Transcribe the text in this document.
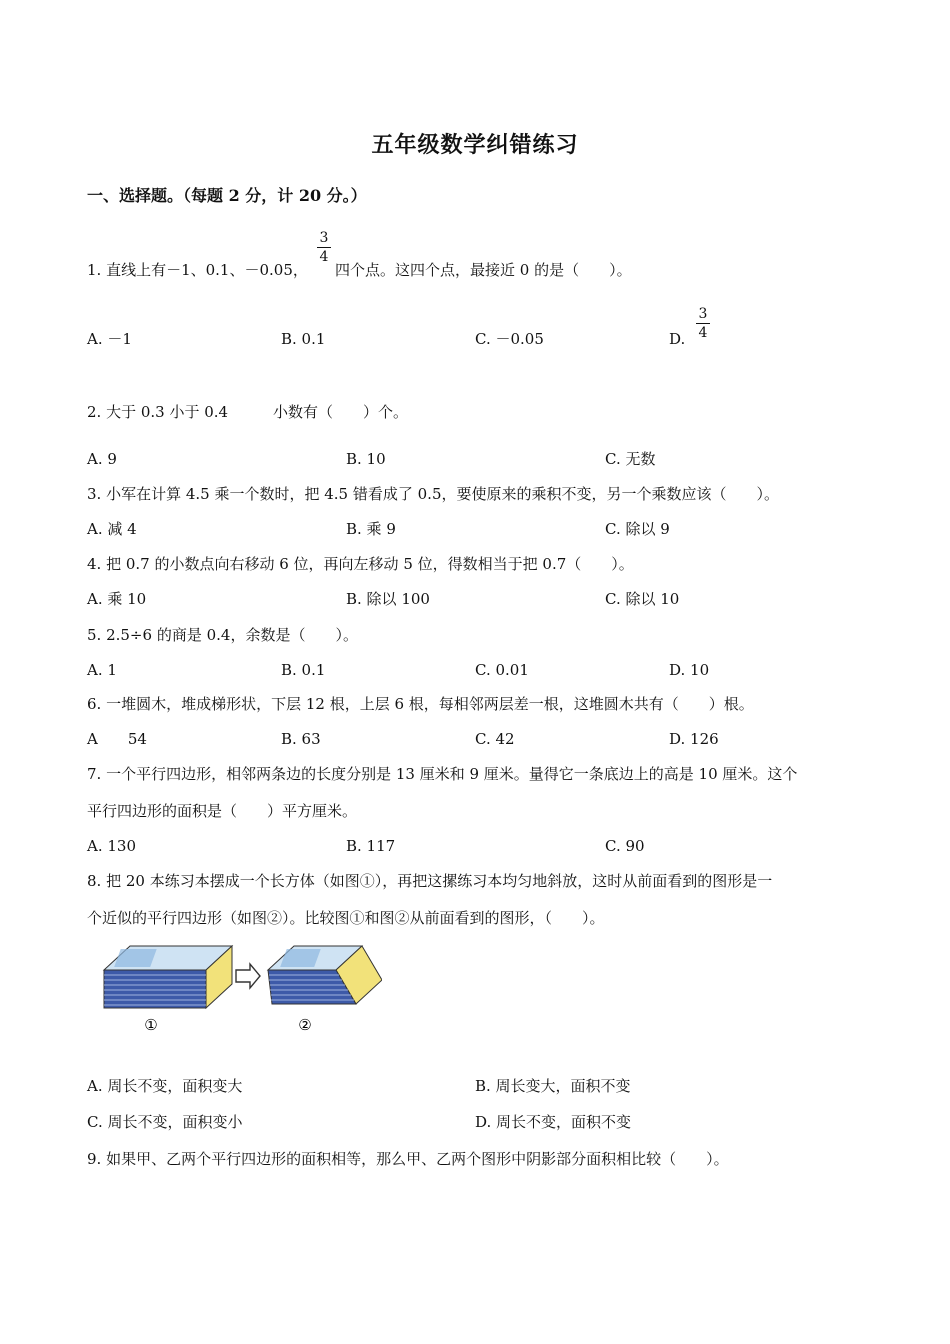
五年级数学纠错练习
一、选择题。（每题 2 分，计 20 分。）
1. 直线上有－1、0.1、－0.05，
3
4
四个点。这四个点，最接近 0 的是（　　）。
A. －1	B. 0.1	C. －0.05	D.
3
4
2. 大于 0.3 小于 0.4	小数有（　　）个。
A. 9	B. 10	C. 无数
3. 小军在计算 4.5 乘一个数时，把 4.5 错看成了 0.5，要使原来的乘积不变，另一个乘数应该（　　）。
A. 减 4	B. 乘 9	C. 除以 9
4. 把 0.7 的小数点向右移动 6 位，再向左移动 5 位，得数相当于把 0.7（　　）。
A. 乘 10	B. 除以 100	C. 除以 10
5. 2.5÷6 的商是 0.4，余数是（　　）。
A. 1	B. 0.1	C. 0.01	D. 10
6. 一堆圆木，堆成梯形状，下层 12 根，上层 6 根，每相邻两层差一根，这堆圆木共有（　　）根。
A　　54	B. 63	C. 42	D. 126
7. 一个平行四边形，相邻两条边的长度分别是 13 厘米和 9 厘米。量得它一条底边上的高是 10 厘米。这个
平行四边形的面积是（　　）平方厘米。
A. 130	B. 117	C. 90
8. 把 20 本练习本摆成一个长方体（如图①），再把这摞练习本均匀地斜放，这时从前面看到的图形是一
个近似的平行四边形（如图②）。比较图①和图②从前面看到的图形，（　　）。
①	②
A. 周长不变，面积变大	B. 周长变大，面积不变
C. 周长不变，面积变小	D. 周长不变，面积不变
9. 如果甲、乙两个平行四边形的面积相等，那么甲、乙两个图形中阴影部分面积相比较（　　）。
